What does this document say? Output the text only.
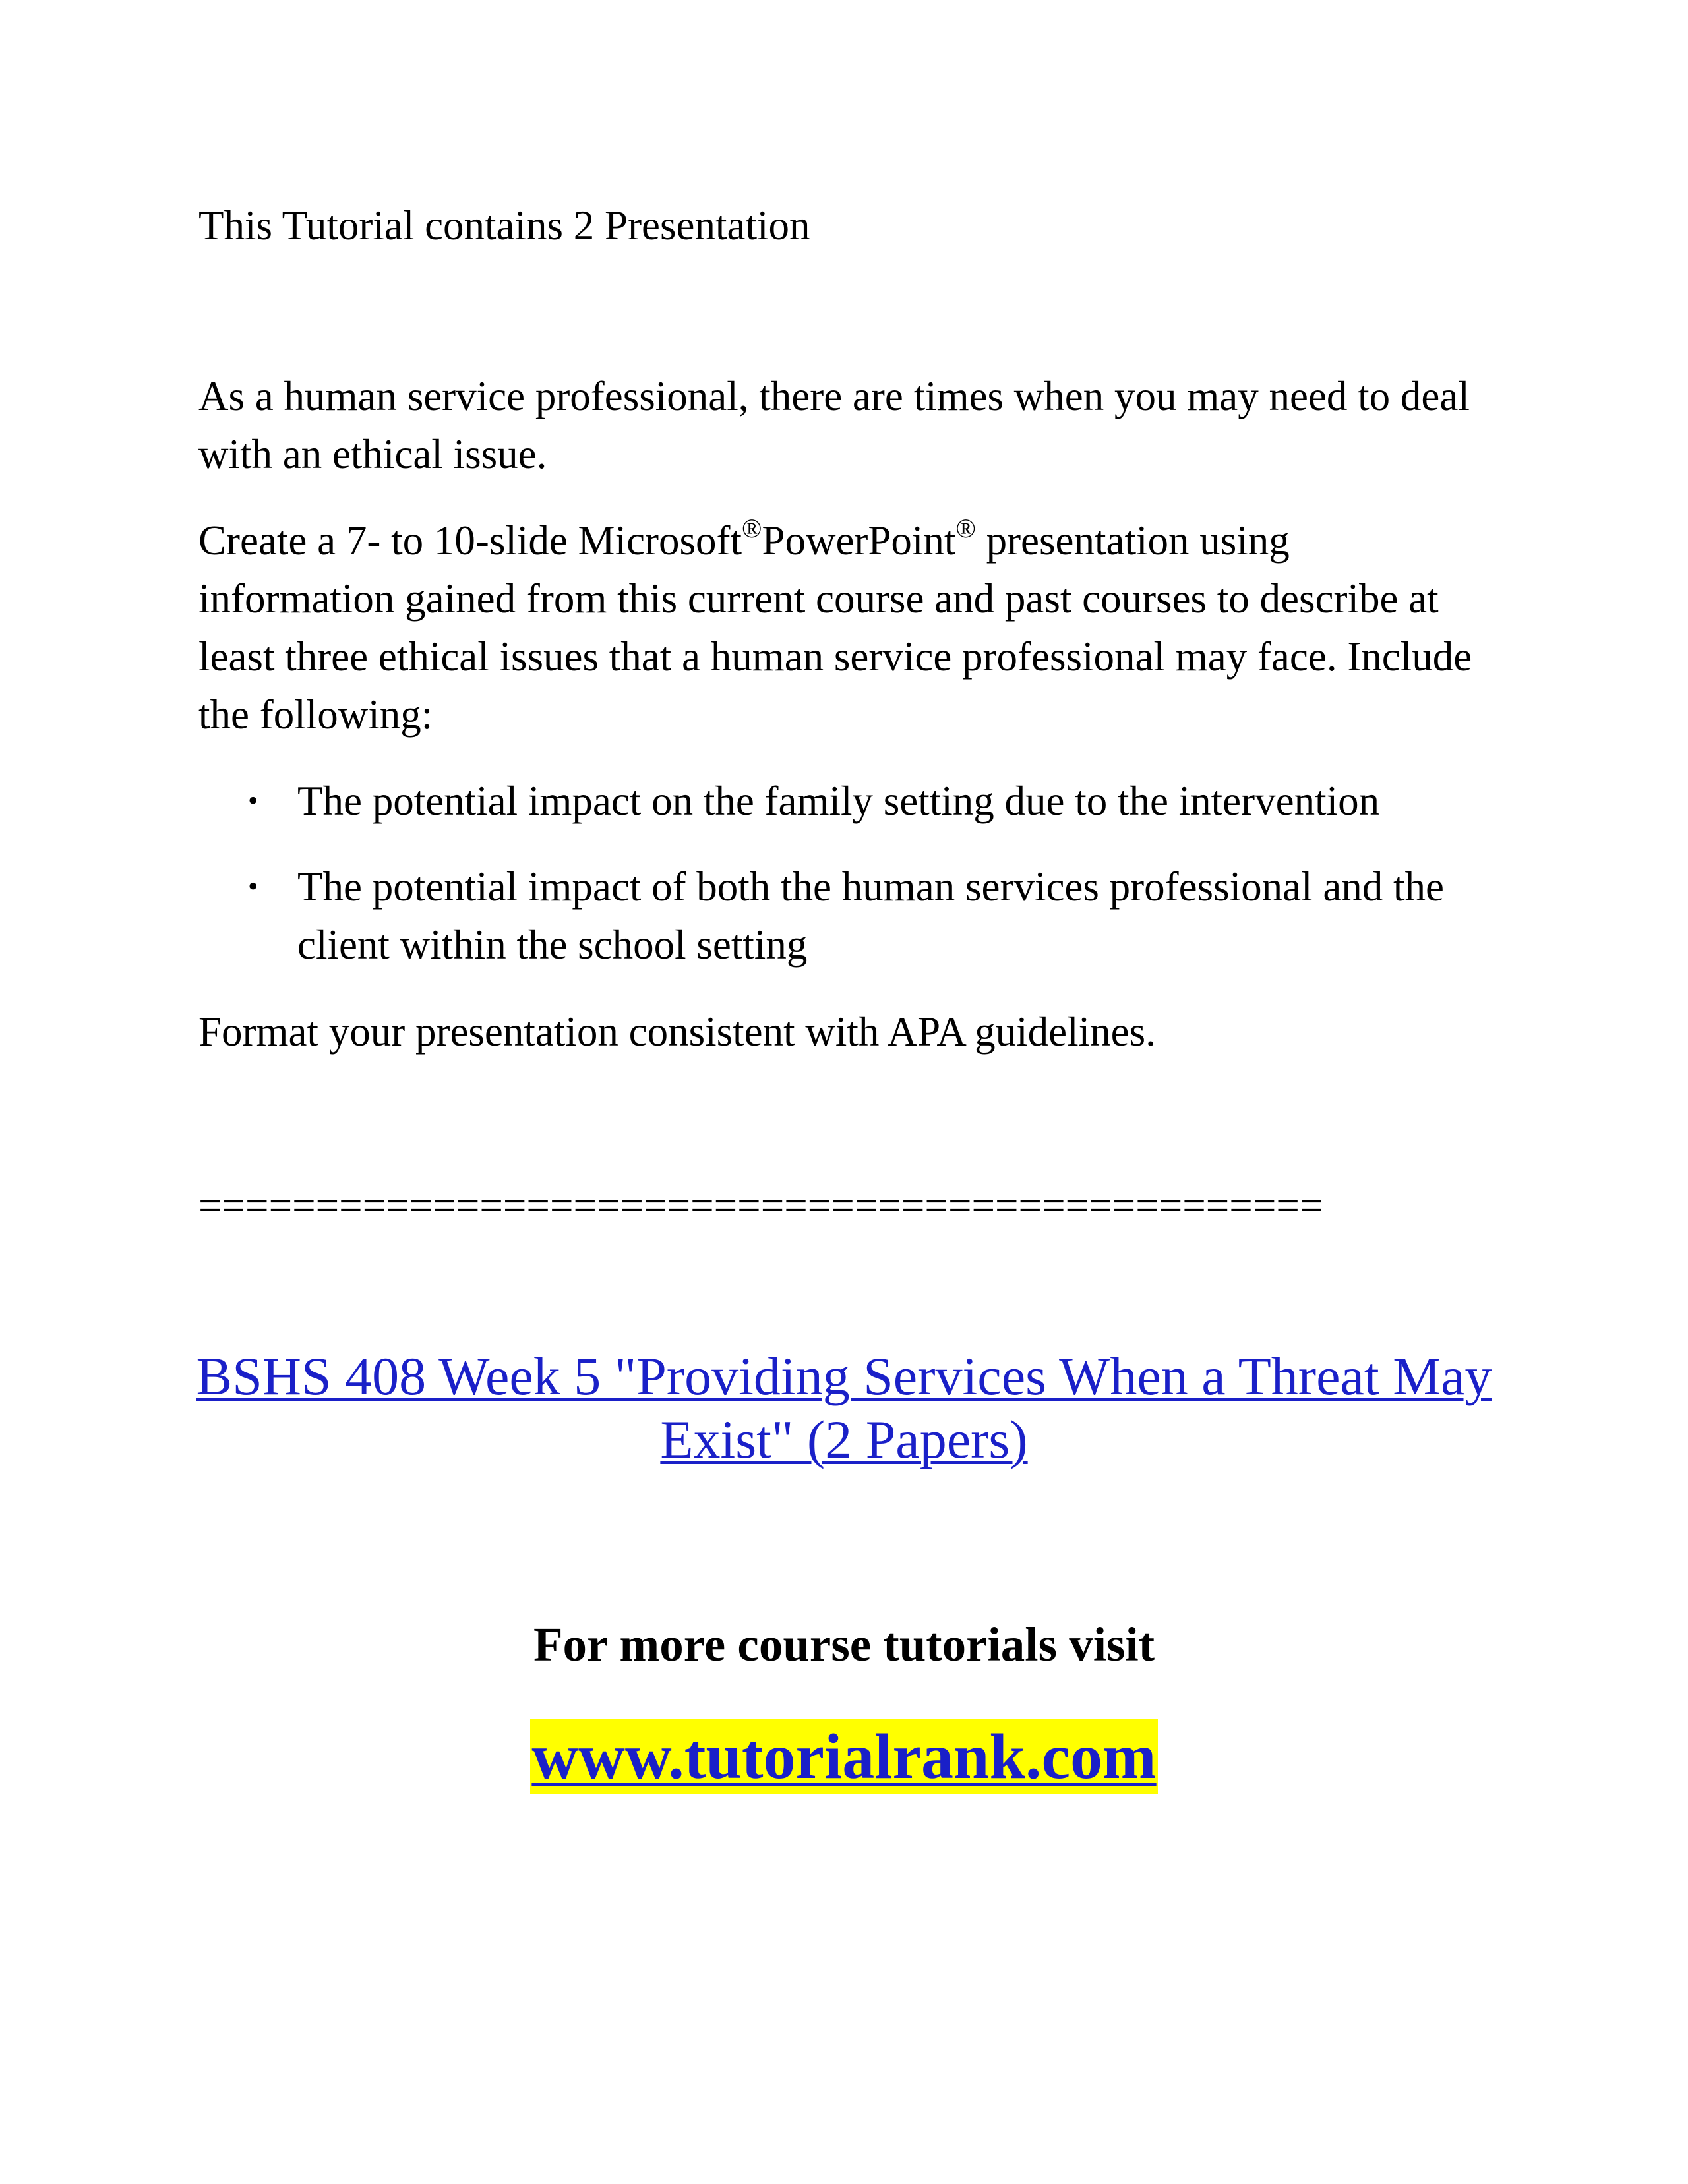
This Tutorial contains 2 Presentation

As a human service professional, there are times when you may need to deal with an ethical issue.

Create a 7- to 10-slide Microsoft®PowerPoint® presentation using information gained from this current course and past courses to describe at least three ethical issues that a human service professional may face. Include the following:

• The potential impact on the family setting due to the intervention
• The potential impact of both the human services professional and the client within the school setting

Format your presentation consistent with APA guidelines.

================================================
BSHS 408 Week 5 "Providing Services When a Threat May Exist" (2 Papers)
For more course tutorials visit
www.tutorialrank.com
